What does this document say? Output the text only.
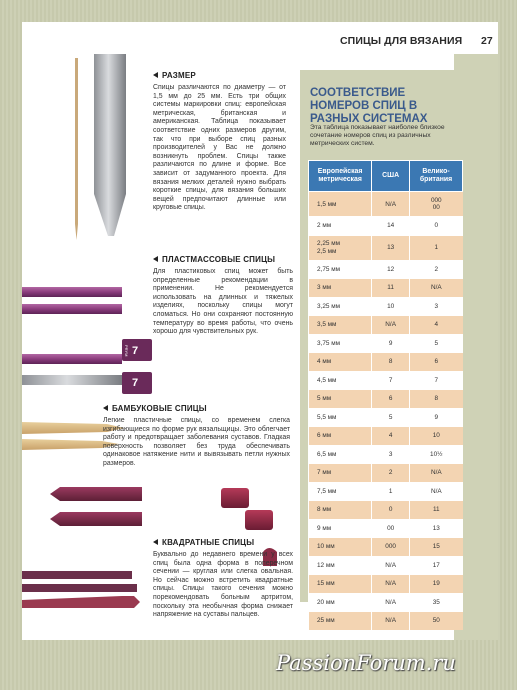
СПИЦЫ ДЛЯ ВЯЗАНИЯ 27
7
PRYM
7
РАЗМЕР
Спицы различаются по диаметру — от 1,5 мм до 25 мм. Есть три общих системы маркировки спиц: европейская метрическая, британская и американская. Таблица показывает соответствие одних размеров другим, так что при выборе спиц разных производителей у Вас не должно возникнуть проблем. Спицы также различаются по длине и форме. Все зависит от задуманного проекта. Для вязания мелких деталей нужно выбрать короткие спицы, для вязания больших вещей предпочитают длинные или круговые спицы.
ПЛАСТМАССОВЫЕ СПИЦЫ
Для пластиковых спиц может быть определенные рекомендации в применении. Не рекомендуется использовать на длинных и тяжелых изделиях, поскольку спицы могут сломаться. Но они сохраняют постоянную температуру во время работы, что очень хорошо для чувствительных рук.
БАМБУКОВЫЕ СПИЦЫ
Легкие пластичные спицы, со временем слегка изгибающиеся по форме рук вязальщицы. Это облегчает работу и предотвращает заболевания суставов. Гладкая поверхность позволяет без труда обеспечивать одинаковое натяжение нити и вывязывать петли нужных размеров.
КВАДРАТНЫЕ СПИЦЫ
Буквально до недавнего времени у всех спиц была одна форма в поперечном сечении — круглая или слегка овальная. Но сейчас можно встретить квадратные спицы. Спицы такого сечения можно порекомендовать больным артритом, поскольку эта необычная форма снижает напряжение на суставы пальцев.
СООТВЕТСТВИЕ НОМЕРОВ СПИЦ В РАЗНЫХ СИСТЕМАХ
Эта таблица показывает наиболее близкое сочетание номеров спиц из различных метрических систем.
Европейская метрическая	США	Велико-британия
1,5 мм	N/A	000
00
2 мм	14	0
2,25 мм
2,5 мм	13	1
2,75 мм	12	2
3 мм	11	N/A
3,25 мм	10	3
3,5 мм	N/A	4
3,75 мм	9	5
4 мм	8	6
4,5 мм	7	7
5 мм	6	8
5,5 мм	5	9
6 мм	4	10
6,5 мм	3	10½
7 мм	2	N/A
7,5 мм	1	N/A
8 мм	0	11
9 мм	00	13
10 мм	000	15
12 мм	N/A	17
15 мм	N/A	19
20 мм	N/A	35
25 мм	N/A	50
PassionForum.ru
